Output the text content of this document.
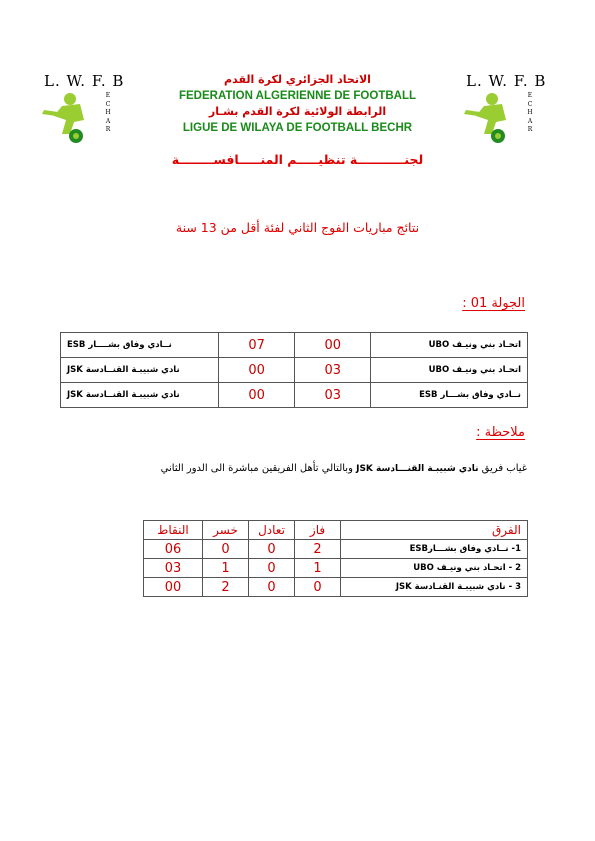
L. W. F. B
E
C
H
A
R
L. W. F. B
E
C
H
A
R
الاتحاد الجزائري لكرة القدم
FEDERATION ALGERIENNE DE FOOTBALL
الرابطة الولائية لكرة القدم بشـار
LIGUE DE WILAYA DE FOOTBALL BECHR
لجنـــــــــــة تنظيـــــم المنـــــافســــــــة
نتائج مباريات الفوج الثاني لفئة أقل من 13 سنة
الجولة 01 :
اتحـاد بني ونيـف UBO	00	07	نــادي وفاق بشــــار ESB
اتحـاد بني ونيـف UBO	03	00	نادي شبيبـة القنــادسة JSK
نــادي وفاق بشـــار ESB	03	00	نادي شبيبـة القنــادسة JSK
ملاحظة :
غياب فريق نادي شبيبـة القنـــادسة JSK وبالتالي تأهل الفريقين مباشرة الى الدور الثاني
الفرق	فاز	تعادل	خسر	النقاط
1- نــادي وفاق بشـــارESB	2	0	0	06
2 - اتحـاد بني ونيـف UBO	1	0	1	03
3 - نادي شبيبـة القنـادسة JSK	0	0	2	00
